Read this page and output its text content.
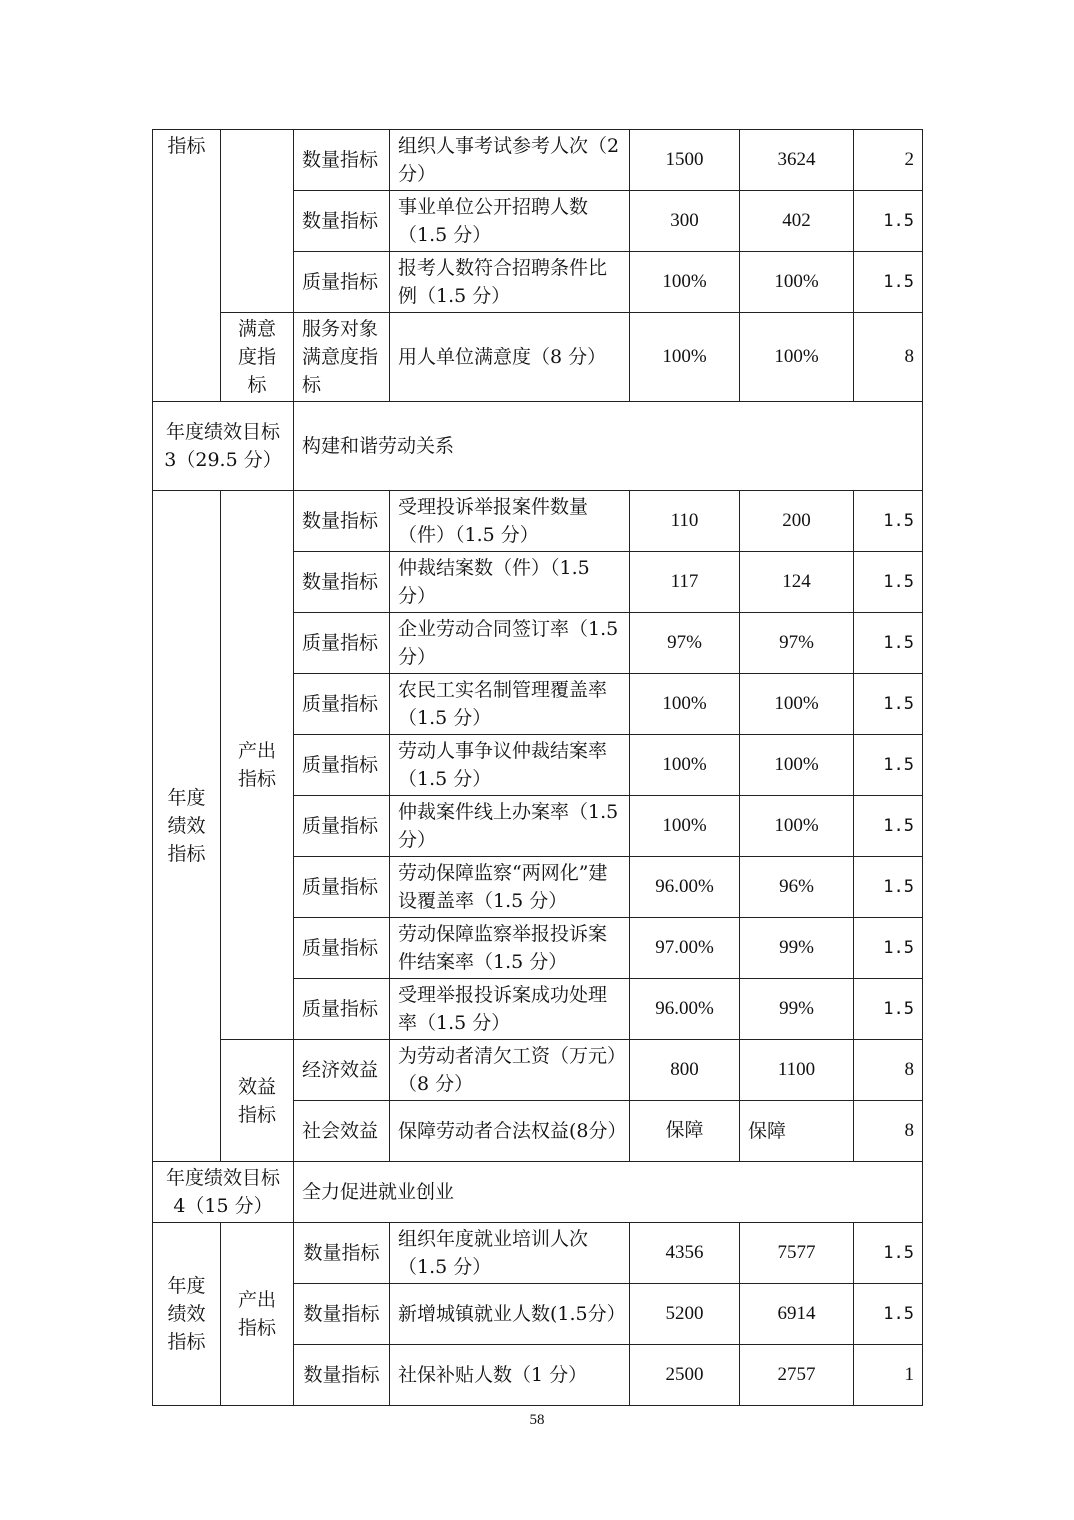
指标		数量指标	组织人事考试参考人次（2 分）	1500	3624	2
		数量指标	事业单位公开招聘人数（1.5 分）	300	402	1.5
		质量指标	报考人数符合招聘条件比例（1.5 分）	100%	100%	1.5
	满意度指标	服务对象满意度指标	用人单位满意度（8 分）	100%	100%	8
年度绩效目标 3（29.5 分）		构建和谐劳动关系				
年度绩效指标	产出指标	数量指标	受理投诉举报案件数量（件）（1.5 分）	110	200	1.5
		数量指标	仲裁结案数（件）（1.5 分）	117	124	1.5
		质量指标	企业劳动合同签订率（1.5 分）	97%	97%	1.5
		质量指标	农民工实名制管理覆盖率（1.5 分）	100%	100%	1.5
		质量指标	劳动人事争议仲裁结案率（1.5 分）	100%	100%	1.5
		质量指标	仲裁案件线上办案率（1.5 分）	100%	100%	1.5
		质量指标	劳动保障监察“两网化”建设覆盖率（1.5 分）	96.00%	96%	1.5
		质量指标	劳动保障监察举报投诉案件结案率（1.5 分）	97.00%	99%	1.5
		质量指标	受理举报投诉案成功处理率（1.5 分）	96.00%	99%	1.5
	效益指标	经济效益	为劳动者清欠工资（万元）（8 分）	800	1100	8
		社会效益	保障劳动者合法权益(8分）	保障	保障	8
年度绩效目标 4（15 分）		全力促进就业创业				
年度绩效指标	产出指标	数量指标	组织年度就业培训人次（1.5 分）	4356	7577	1.5
		数量指标	新增城镇就业人数(1.5分）	5200	6914	1.5
		数量指标	社保补贴人数（1 分）	2500	2757	1
58
